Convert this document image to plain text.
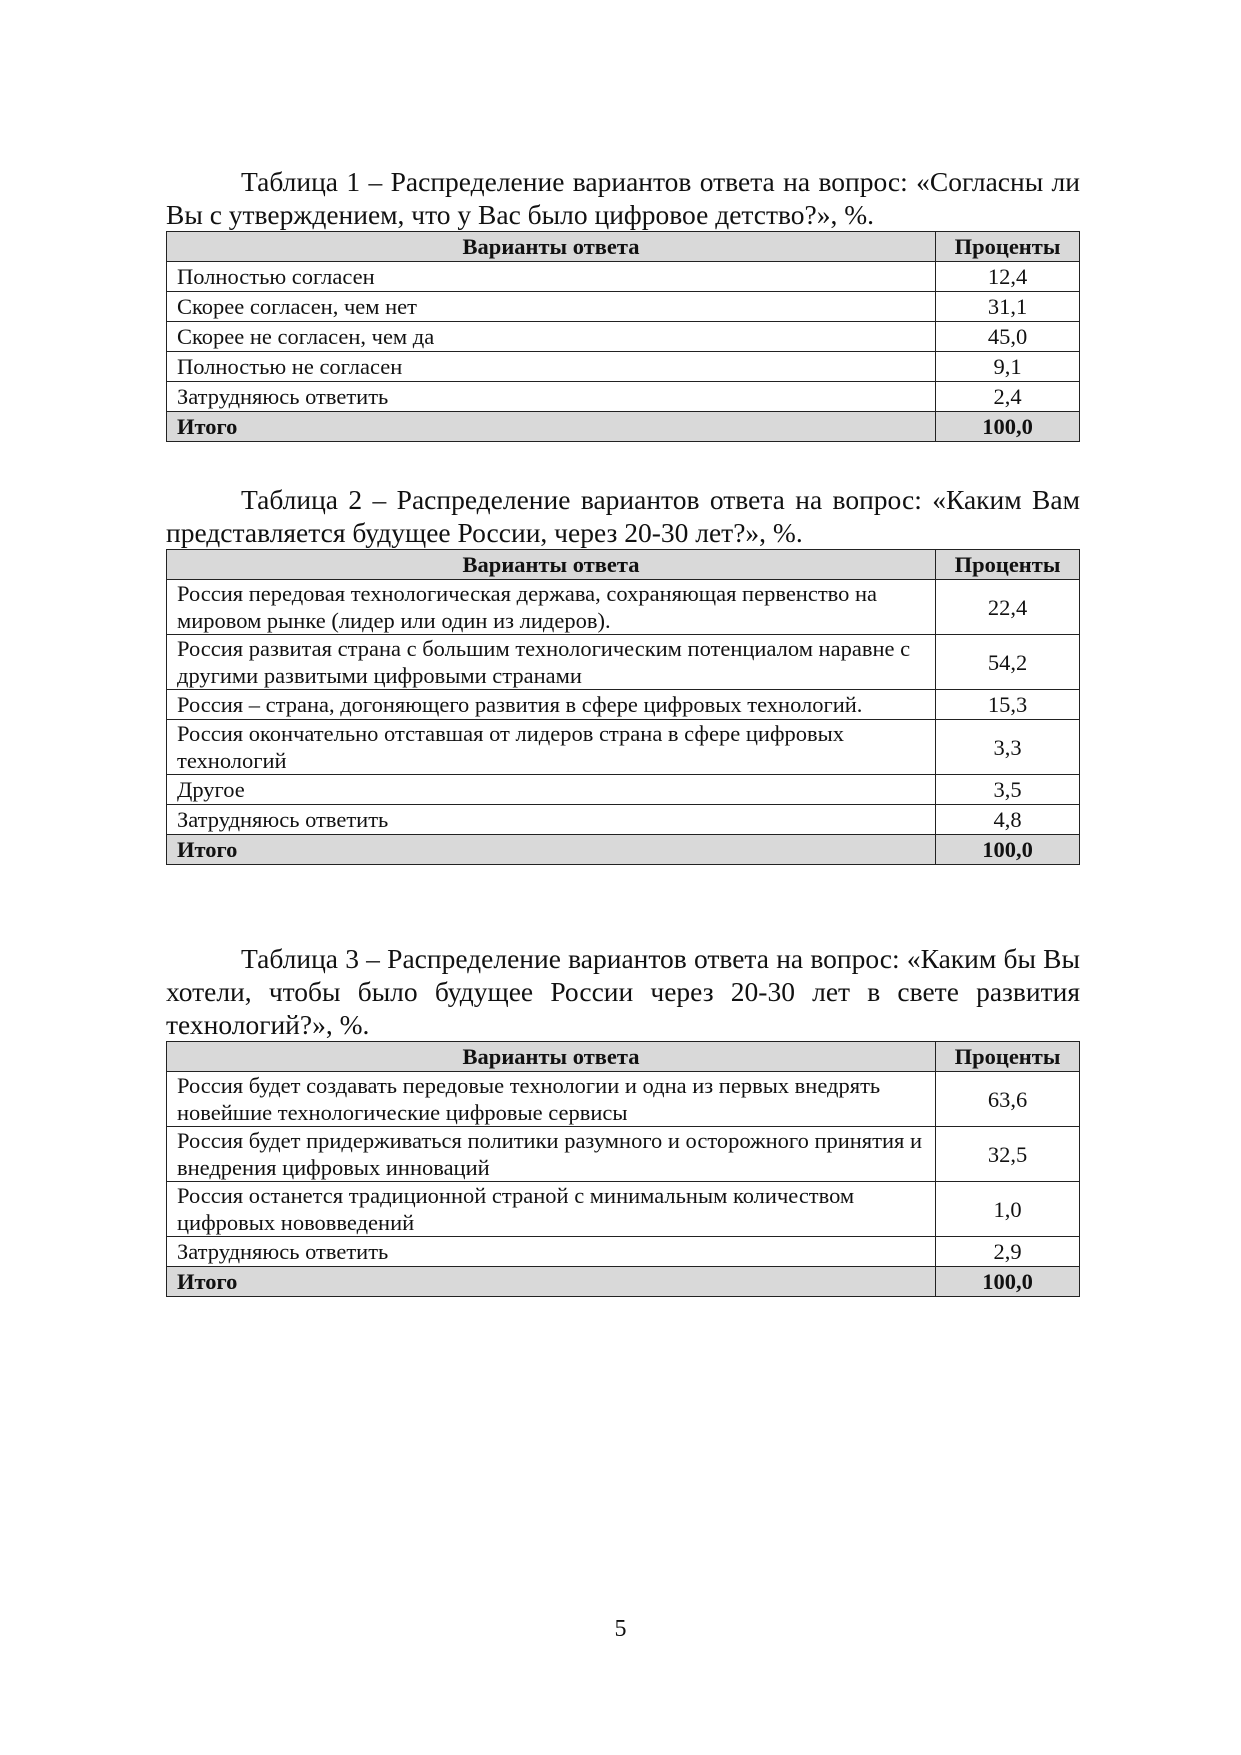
Таблица 1 – Распределение вариантов ответа на вопрос: «Согласны ли Вы с утверждением, что у Вас было цифровое детство?», %.

Варианты ответа	Проценты
Полностью согласен	12,4
Скорее согласен, чем нет	31,1
Скорее не согласен, чем да	45,0
Полностью не согласен	9,1
Затрудняюсь ответить	2,4
Итого	100,0

Таблица 2 – Распределение вариантов ответа на вопрос: «Каким Вам представляется будущее России, через 20-30 лет?», %.

Варианты ответа	Проценты
Россия передовая технологическая держава, сохраняющая первенство на мировом рынке (лидер или один из лидеров).	22,4
Россия развитая страна с большим технологическим потенциалом наравне с другими развитыми цифровыми странами	54,2
Россия – страна, догоняющего развития в сфере цифровых технологий.	15,3
Россия окончательно отставшая от лидеров страна в сфере цифровых технологий	3,3
Другое	3,5
Затрудняюсь ответить	4,8
Итого	100,0

Таблица 3 – Распределение вариантов ответа на вопрос: «Каким бы Вы хотели, чтобы было будущее России через 20-30 лет в свете развития технологий?», %.

Варианты ответа	Проценты
Россия будет создавать передовые технологии и одна из первых внедрять новейшие технологические цифровые сервисы	63,6
Россия будет придерживаться политики разумного и осторожного принятия и внедрения цифровых инноваций	32,5
Россия останется традиционной страной с минимальным количеством цифровых нововведений	1,0
Затрудняюсь ответить	2,9
Итого	100,0
5
